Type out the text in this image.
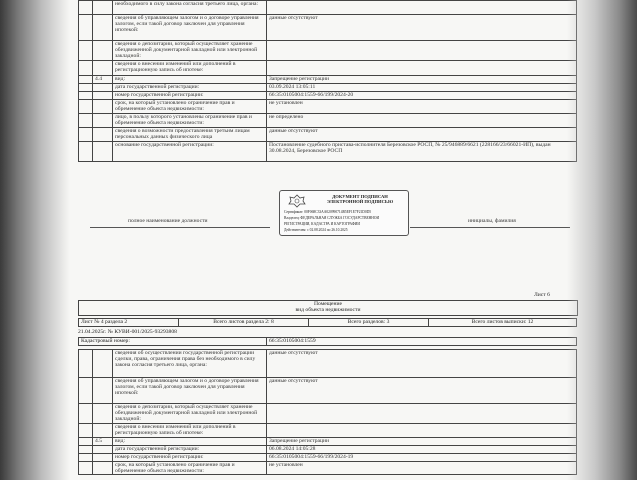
		необходимого в силу закона согласия третьего лица, органа:	
		сведения об управляющем залогом и о договоре управления залогом, если такой договор заключен для управления ипотекой:	данные отсутствуют
		сведения о депозитарии, который осуществляет хранение обездвиженной документарной закладной или электронной закладной:	
		сведения о внесении изменений или дополнений в регистрационную запись об ипотеке:	
	4.4	вид:	Запрещение регистрации
		дата государственной регистрации:	03.09.2024 13:05:11
		номер государственной регистрации:	66:35:0105004:1559-66/199/2024-20
		срок, на который установлено ограничение прав и обременение объекта недвижимости:	не установлен
		лицо, в пользу которого установлены ограничение прав и обременение объекта недвижимости:	не определено
		сведения о возможности предоставления третьим лицам персональных данных физического лица	данные отсутствуют
		основание государственной регистрации:	Постановление судебного пристава-исполнителя Березовское РОСП, № 25/946889/6621 (228166/23/66021-ИП), выдан 30.08.2024, Березовское РОСП
ДОКУМЕНТ ПОДПИСАН ЭЛЕКТРОННОЙ ПОДПИСЬЮ
Сертификат: 00F068C33AA020990714B5EF1E7F21D0D5
Владелец: ФЕДЕРАЛЬНАЯ СЛУЖБА ГОСУДАРСТВЕННОЙ
РЕГИСТРАЦИИ, КАДАСТРА И КАРТОГРАФИИ
Действителен: с 02.08.2024 по 26.10.2025
полное наименование должности	инициалы, фамилия
Лист 6
Помещение
вид объекта недвижимости
Лист № 4 раздела 2	Всего листов раздела 2: 8	Всего разделов: 3	Всего листов выписки: 12
21.04.2025г. № КУВИ-001/2025-93293808
Кадастровый номер:	66:35:0105004:1559
		сведения об осуществлении государственной регистрации сделки, права, ограничения права без необходимого в силу закона согласия третьего лица, органа:	данные отсутствуют
		сведения об управляющем залогом и о договоре управления залогом, если такой договор заключен для управления ипотекой:	данные отсутствуют
		сведения о депозитарии, который осуществляет хранение обездвиженной документарной закладной или электронной закладной:	
		сведения о внесении изменений или дополнений в регистрационную запись об ипотеке:	
	4.5	вид:	Запрещение регистрации
		дата государственной регистрации:	06.08.2024 14:05:28
		номер государственной регистрации:	66:35:0105004:1559-66/199/2024-19
		срок, на который установлено ограничение прав и обременение объекта недвижимости:	не установлен
